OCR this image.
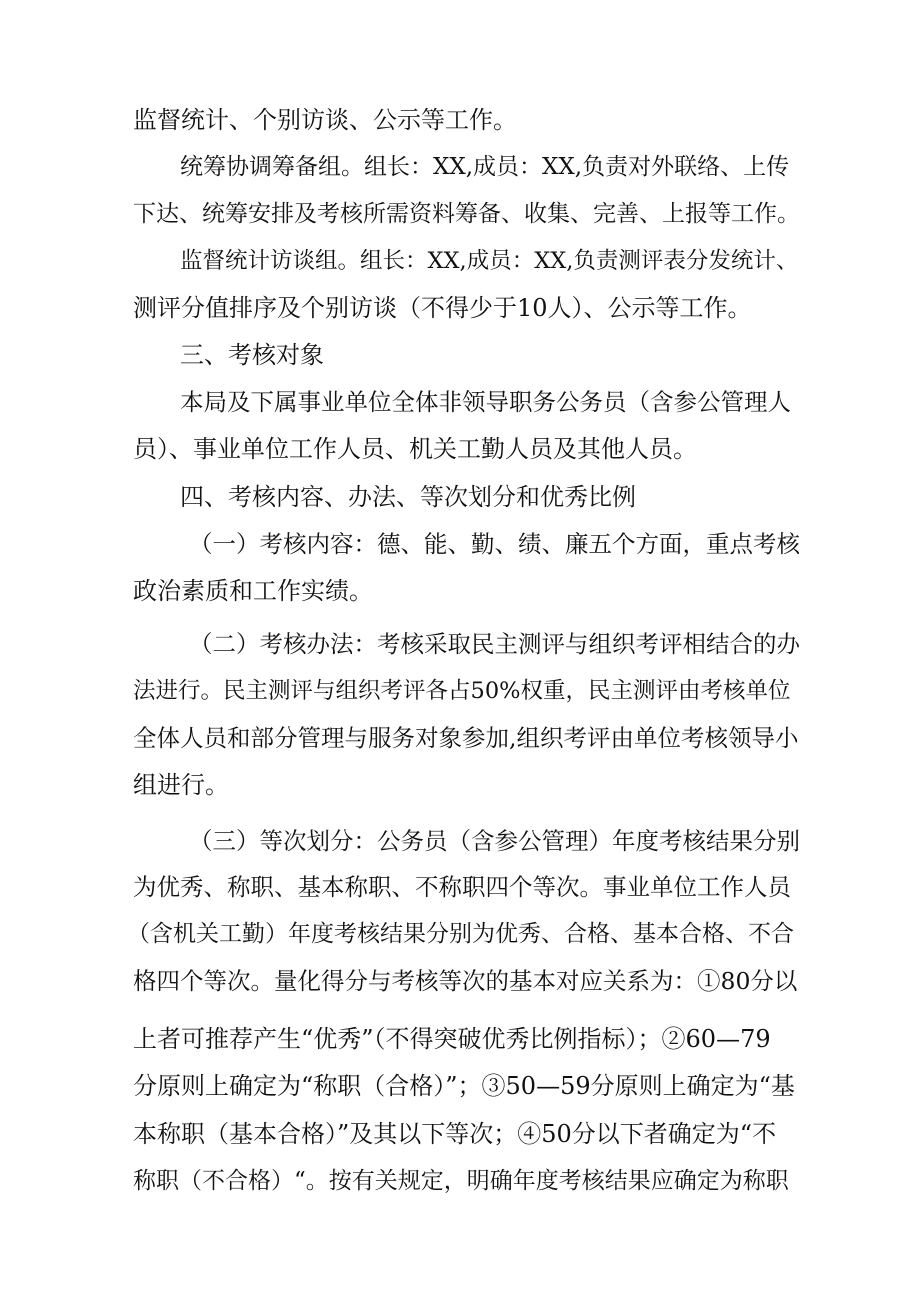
监督统计、个别访谈、公示等工作。
统筹协调筹备组。组长：XX,成员：XX,负责对外联络、上传
下达、统筹安排及考核所需资料筹备、收集、完善、上报等工作。
监督统计访谈组。组长：XX,成员：XX,负责测评表分发统计、
测评分值排序及个别访谈（不得少于10人）、公示等工作。
三、考核对象
本局及下属事业单位全体非领导职务公务员（含参公管理人
员）、事业单位工作人员、机关工勤人员及其他人员。
四、考核内容、办法、等次划分和优秀比例
（一）考核内容：德、能、勤、绩、廉五个方面，重点考核
政治素质和工作实绩。
（二）考核办法：考核采取民主测评与组织考评相结合的办
法进行。民主测评与组织考评各占50%权重，民主测评由考核单位
全体人员和部分管理与服务对象参加,组织考评由单位考核领导小
组进行。
（三）等次划分：公务员（含参公管理）年度考核结果分别
为优秀、称职、基本称职、不称职四个等次。事业单位工作人员
（含机关工勤）年度考核结果分别为优秀、合格、基本合格、不合
格四个等次。量化得分与考核等次的基本对应关系为：①80分以
上者可推荐产生“优秀”（不得突破优秀比例指标）；②60—79
分原则上确定为“称职（合格）”；③50—59分原则上确定为“基
本称职（基本合格）”及其以下等次；④50分以下者确定为“不
称职（不合格）“。按有关规定，明确年度考核结果应确定为称职
